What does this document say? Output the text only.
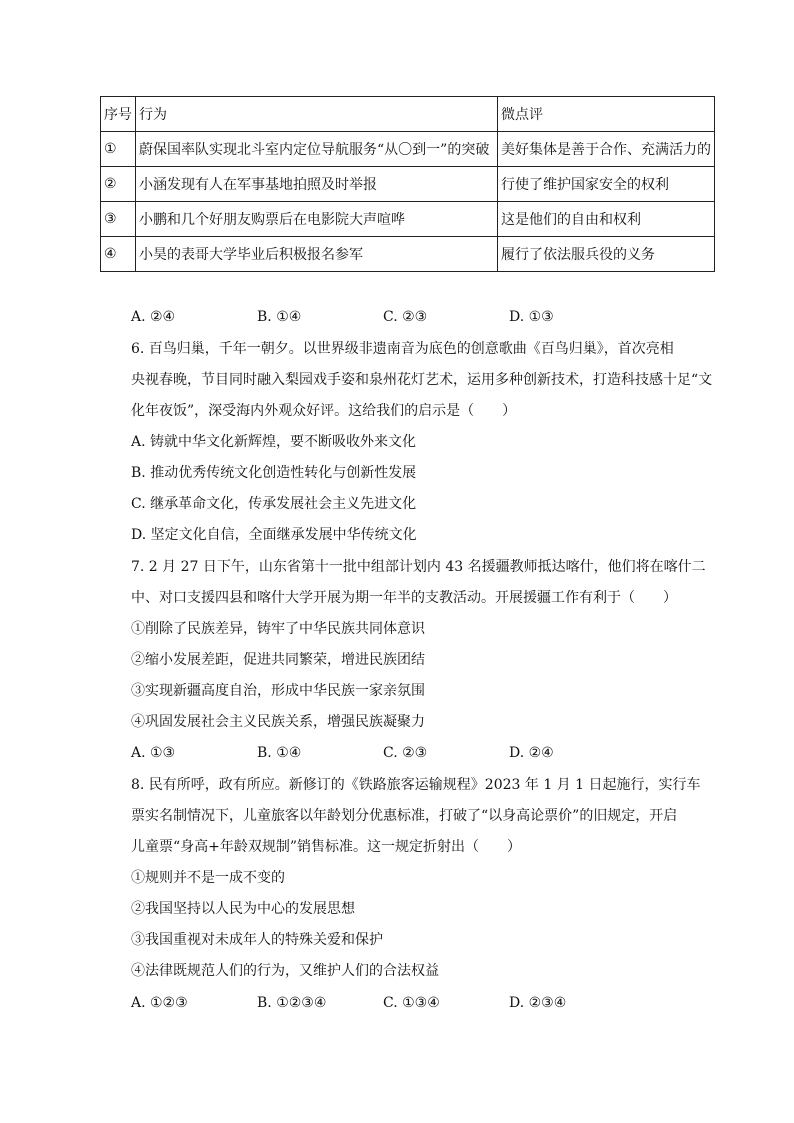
序号	行为	微点评
①	蔚保国率队实现北斗室内定位导航服务“从〇到一”的突破	美好集体是善于合作、充满活力的
②	小涵发现有人在军事基地拍照及时举报	行使了维护国家安全的权利
③	小鹏和几个好朋友购票后在电影院大声喧哗	这是他们的自由和权利
④	小昊的表哥大学毕业后积极报名参军	履行了依法服兵役的义务
A. ②④	B. ①④	C. ②③	D. ①③
6. 百鸟归巢，千年一朝夕。以世界级非遗南音为底色的创意歌曲《百鸟归巢》，首次亮相
央视春晚，节目同时融入梨园戏手姿和泉州花灯艺术，运用多种创新技术，打造科技感十足“文
化年夜饭”，深受海内外观众好评。这给我们的启示是（　　）
A. 铸就中华文化新辉煌，要不断吸收外来文化
B. 推动优秀传统文化创造性转化与创新性发展
C. 继承革命文化，传承发展社会主义先进文化
D. 坚定文化自信，全面继承发展中华传统文化
7. 2 月 27 日下午，山东省第十一批中组部计划内 43 名援疆教师抵达喀什，他们将在喀什二
中、对口支援四县和喀什大学开展为期一年半的支教活动。开展援疆工作有利于（　　）
①削除了民族差异，铸牢了中华民族共同体意识
②缩小发展差距，促进共同繁荣，增进民族团结
③实现新疆高度自治，形成中华民族一家亲氛围
④巩固发展社会主义民族关系，增强民族凝聚力
A. ①③	B. ①④	C. ②③	D. ②④
8. 民有所呼，政有所应。新修订的《铁路旅客运输规程》2023 年 1 月 1 日起施行，实行车
票实名制情况下，儿童旅客以年龄划分优惠标准，打破了“以身高论票价”的旧规定，开启
儿童票“身高+年龄双规制”销售标准。这一规定折射出（　　）
①规则并不是一成不变的
②我国坚持以人民为中心的发展思想
③我国重视对未成年人的特殊关爱和保护
④法律既规范人们的行为，又维护人们的合法权益
A. ①②③	B. ①②③④	C. ①③④	D. ②③④
